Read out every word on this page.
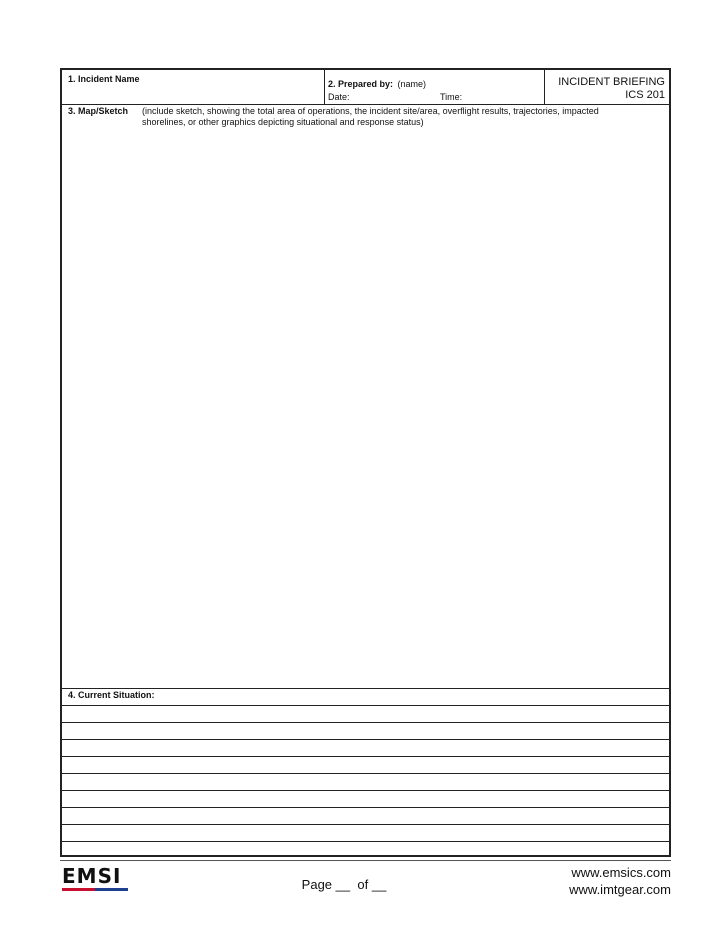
1. Incident Name	2. Prepared by: (name)
Date:	Time:
INCIDENT BRIEFING
ICS 201
3. Map/Sketch (include sketch, showing the total area of operations, the incident site/area, overflight results, trajectories, impacted shorelines, or other graphics depicting situational and response status)
4. Current Situation:
EMSI	Page __ of __
www.emsics.com
www.imtgear.com
